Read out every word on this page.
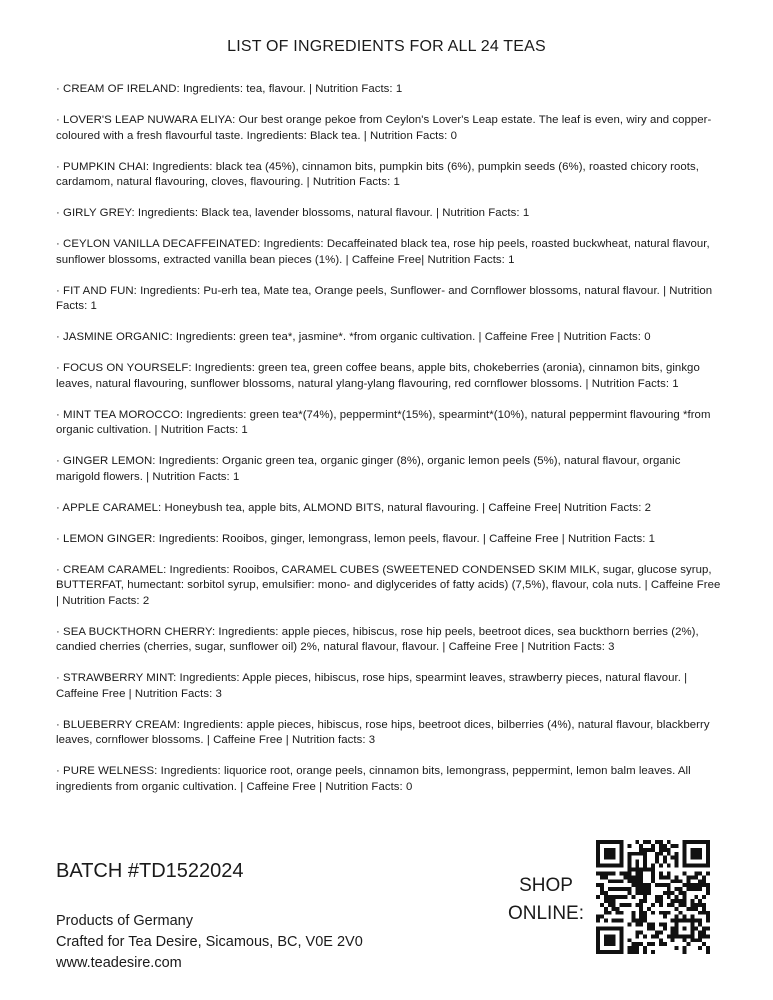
LIST OF INGREDIENTS FOR ALL 24 TEAS

· CREAM OF IRELAND: Ingredients: tea, flavour. | Nutrition Facts: 1

· LOVER'S LEAP NUWARA ELIYA: Our best orange pekoe from Ceylon's Lover's Leap estate. The leaf is even, wiry and copper-coloured with a fresh flavourful taste. Ingredients: Black tea. | Nutrition Facts: 0

· PUMPKIN CHAI: Ingredients: black tea (45%), cinnamon bits, pumpkin bits (6%), pumpkin seeds (6%), roasted chicory roots, cardamom, natural flavouring, cloves, flavouring. | Nutrition Facts: 1

· GIRLY GREY: Ingredients: Black tea, lavender blossoms, natural flavour. | Nutrition Facts: 1

· CEYLON VANILLA DECAFFEINATED: Ingredients: Decaffeinated black tea, rose hip peels, roasted buckwheat, natural flavour, sunflower blossoms, extracted vanilla bean pieces (1%). | Caffeine Free| Nutrition Facts: 1

· FIT AND FUN: Ingredients: Pu-erh tea, Mate tea, Orange peels, Sunflower- and Cornflower blossoms, natural flavour. | Nutrition Facts: 1

· JASMINE ORGANIC: Ingredients: green tea*, jasmine*. *from organic cultivation. | Caffeine Free | Nutrition Facts: 0

· FOCUS ON YOURSELF: Ingredients: green tea, green coffee beans, apple bits, chokeberries (aronia), cinnamon bits, ginkgo leaves, natural flavouring, sunflower blossoms, natural ylang-ylang flavouring, red cornflower blossoms. | Nutrition Facts: 1

· MINT TEA MOROCCO: Ingredients: green tea*(74%), peppermint*(15%), spearmint*(10%), natural peppermint flavouring *from organic cultivation. | Nutrition Facts: 1

· GINGER LEMON: Ingredients: Organic green tea, organic ginger (8%), organic lemon peels (5%), natural flavour, organic marigold flowers. | Nutrition Facts: 1

· APPLE CARAMEL: Honeybush tea, apple bits, ALMOND BITS, natural flavouring. | Caffeine Free| Nutrition Facts: 2

· LEMON GINGER: Ingredients: Rooibos, ginger, lemongrass, lemon peels, flavour. | Caffeine Free | Nutrition Facts: 1

· CREAM CARAMEL: Ingredients: Rooibos, CARAMEL CUBES (SWEETENED CONDENSED SKIM MILK, sugar, glucose syrup, BUTTERFAT, humectant: sorbitol syrup, emulsifier: mono- and diglycerides of fatty acids) (7,5%), flavour, cola nuts. | Caffeine Free | Nutrition Facts: 2

· SEA BUCKTHORN CHERRY: Ingredients: apple pieces, hibiscus, rose hip peels, beetroot dices, sea buckthorn berries (2%), candied cherries (cherries, sugar, sunflower oil) 2%, natural flavour, flavour. | Caffeine Free | Nutrition Facts: 3

· STRAWBERRY MINT: Ingredients: Apple pieces, hibiscus, rose hips, spearmint leaves, strawberry pieces, natural flavour. | Caffeine Free | Nutrition Facts: 3

· BLUEBERRY CREAM: Ingredients: apple pieces, hibiscus, rose hips, beetroot dices, bilberries (4%), natural flavour, blackberry leaves, cornflower blossoms. | Caffeine Free | Nutrition facts: 3

· PURE WELNESS: Ingredients: liquorice root, orange peels, cinnamon bits, lemongrass, peppermint, lemon balm leaves. All ingredients from organic cultivation. | Caffeine Free | Nutrition Facts: 0

BATCH #TD1522024
Products of Germany
Crafted for Tea Desire, Sicamous, BC, V0E 2V0
www.teadesire.com
SHOP
ONLINE:
